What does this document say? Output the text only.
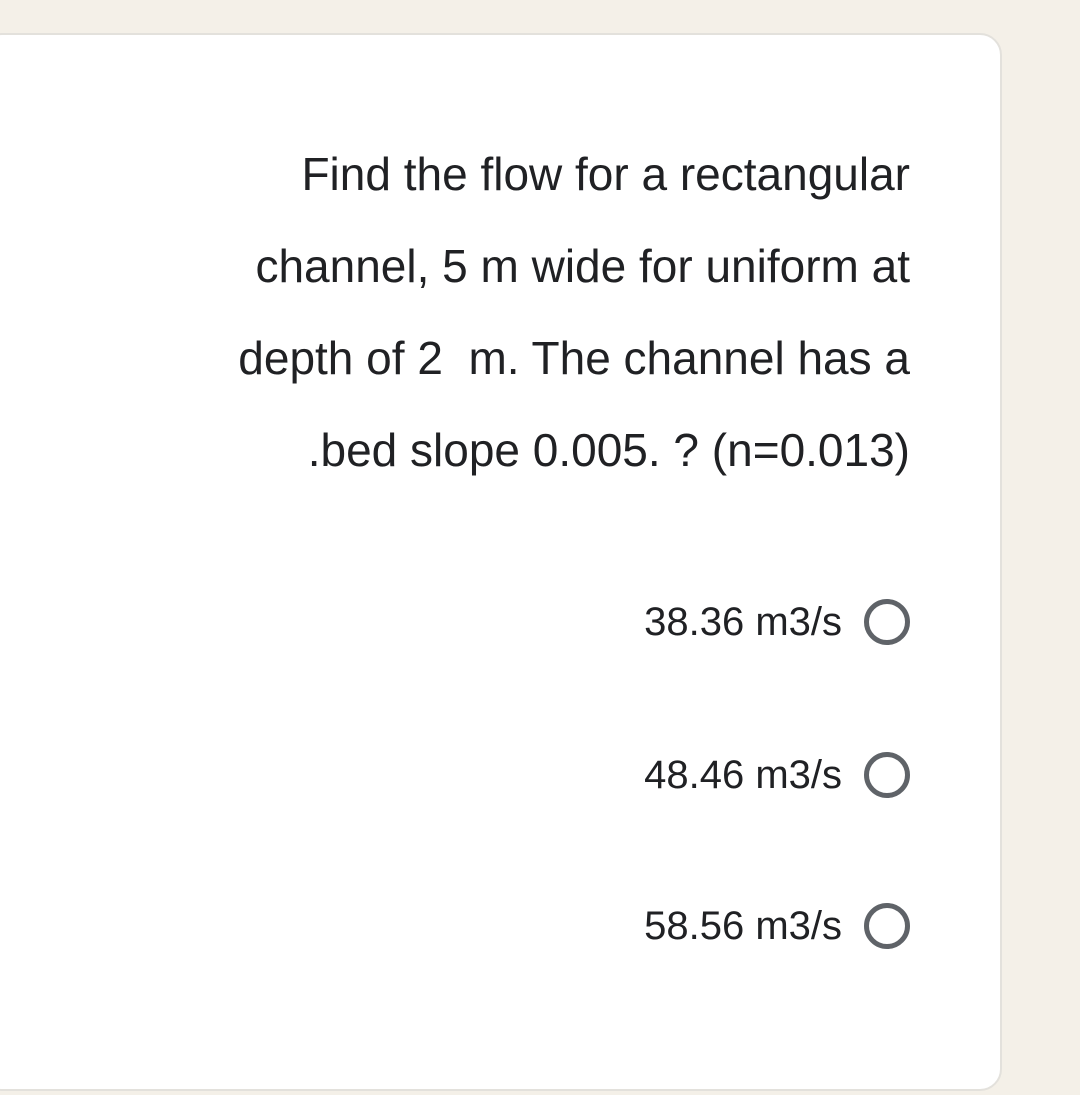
Find the flow for a rectangular
channel, 5 m wide for uniform at
depth of 2  m. The channel has a
.bed slope 0.005. ? (n=0.013)
38.36 m3/s
48.46 m3/s
58.56 m3/s
